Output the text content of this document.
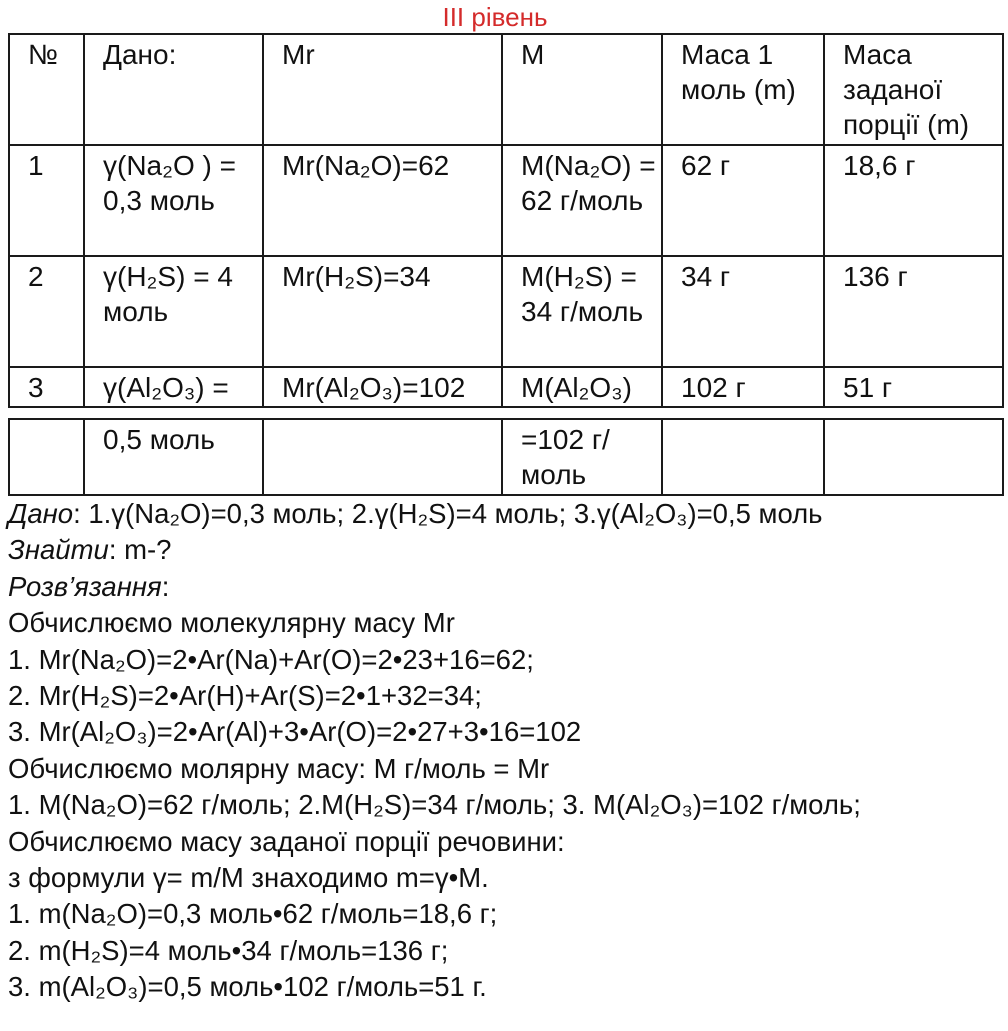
III рівень
№	Дано:	Mr	M	Маса 1 моль (m)	Маса заданої порції (m)
1	γ(Na₂O ) = 0,3 моль	Mr(Na₂O)=62	M(Na₂O) = 62 г/моль	62 г	18,6 г
2	γ(H₂S) = 4 моль	Mr(H₂S)=34	M(H₂S) = 34 г/моль	34 г	136 г
3	γ(Al₂O₃) =	Mr(Al₂O₃)=102	M(Al₂O₃)	102 г	51 г
	0,5 моль		=102 г/моль		
Дано: 1.γ(Na₂O)=0,3 моль; 2.γ(H₂S)=4 моль; 3.γ(Al₂O₃)=0,5 моль
Знайти: m-?
Розв’язання:
Обчислюємо молекулярну масу Mr
1. Mr(Na₂O)=2•Ar(Na)+Ar(O)=2•23+16=62;
2. Mr(H₂S)=2•Ar(H)+Ar(S)=2•1+32=34;
3. Mr(Al₂O₃)=2•Ar(Al)+3•Ar(O)=2•27+3•16=102
Обчислюємо молярну масу: M г/моль = Mr
1. M(Na₂O)=62 г/моль; 2.M(H₂S)=34 г/моль; 3. M(Al₂O₃)=102 г/моль;
Обчислюємо масу заданої порції речовини:
з формули γ= m/M знаходимо m=γ•M.
1. m(Na₂O)=0,3 моль•62 г/моль=18,6 г;
2. m(H₂S)=4 моль•34 г/моль=136 г;
3. m(Al₂O₃)=0,5 моль•102 г/моль=51 г.
